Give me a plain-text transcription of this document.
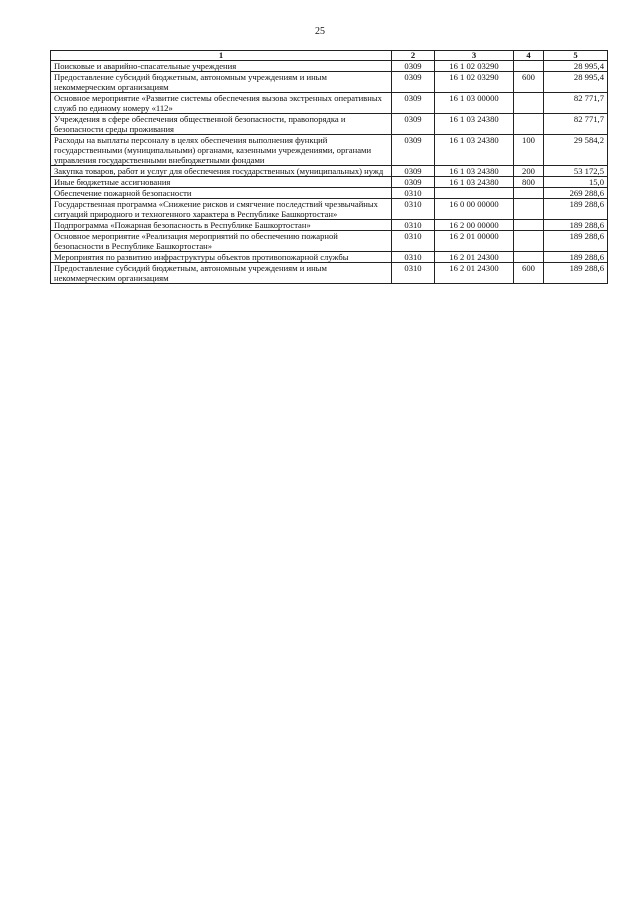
25
1	2	3	4	5
Поисковые и аварийно-спасательные учреждения	0309	16 1 02 03290		28 995,4
Предоставление субсидий бюджетным, автономным учреждениям и иным некоммерческим организациям	0309	16 1 02 03290	600	28 995,4
Основное мероприятие «Развитие системы обеспечения вызова экстренных оперативных служб по единому номеру «112»	0309	16 1 03 00000		82 771,7
Учреждения в сфере обеспечения общественной безопасности, правопорядка и безопасности среды проживания	0309	16 1 03 24380		82 771,7
Расходы на выплаты персоналу в целях обеспечения выполнения функций государственными (муниципальными) органами, казенными учреждениями, органами управления государственными внебюджетными фондами	0309	16 1 03 24380	100	29 584,2
Закупка товаров, работ и услуг для обеспечения государственных (муниципальных) нужд	0309	16 1 03 24380	200	53 172,5
Иные бюджетные ассигнования	0309	16 1 03 24380	800	15,0
Обеспечение пожарной безопасности	0310			269 288,6
Государственная программа «Снижение рисков и смягчение последствий чрезвычайных ситуаций природного и техногенного характера в Республике Башкортостан»	0310	16 0 00 00000		189 288,6
Подпрограмма «Пожарная безопасность в Республике Башкортостан»	0310	16 2 00 00000		189 288,6
Основное мероприятие «Реализация мероприятий по обеспечению пожарной безопасности в Республике Башкортостан»	0310	16 2 01 00000		189 288,6
Мероприятия по развитию инфраструктуры объектов противопожарной службы	0310	16 2 01 24300		189 288,6
Предоставление субсидий бюджетным, автономным учреждениям и иным некоммерческим организациям	0310	16 2 01 24300	600	189 288,6
